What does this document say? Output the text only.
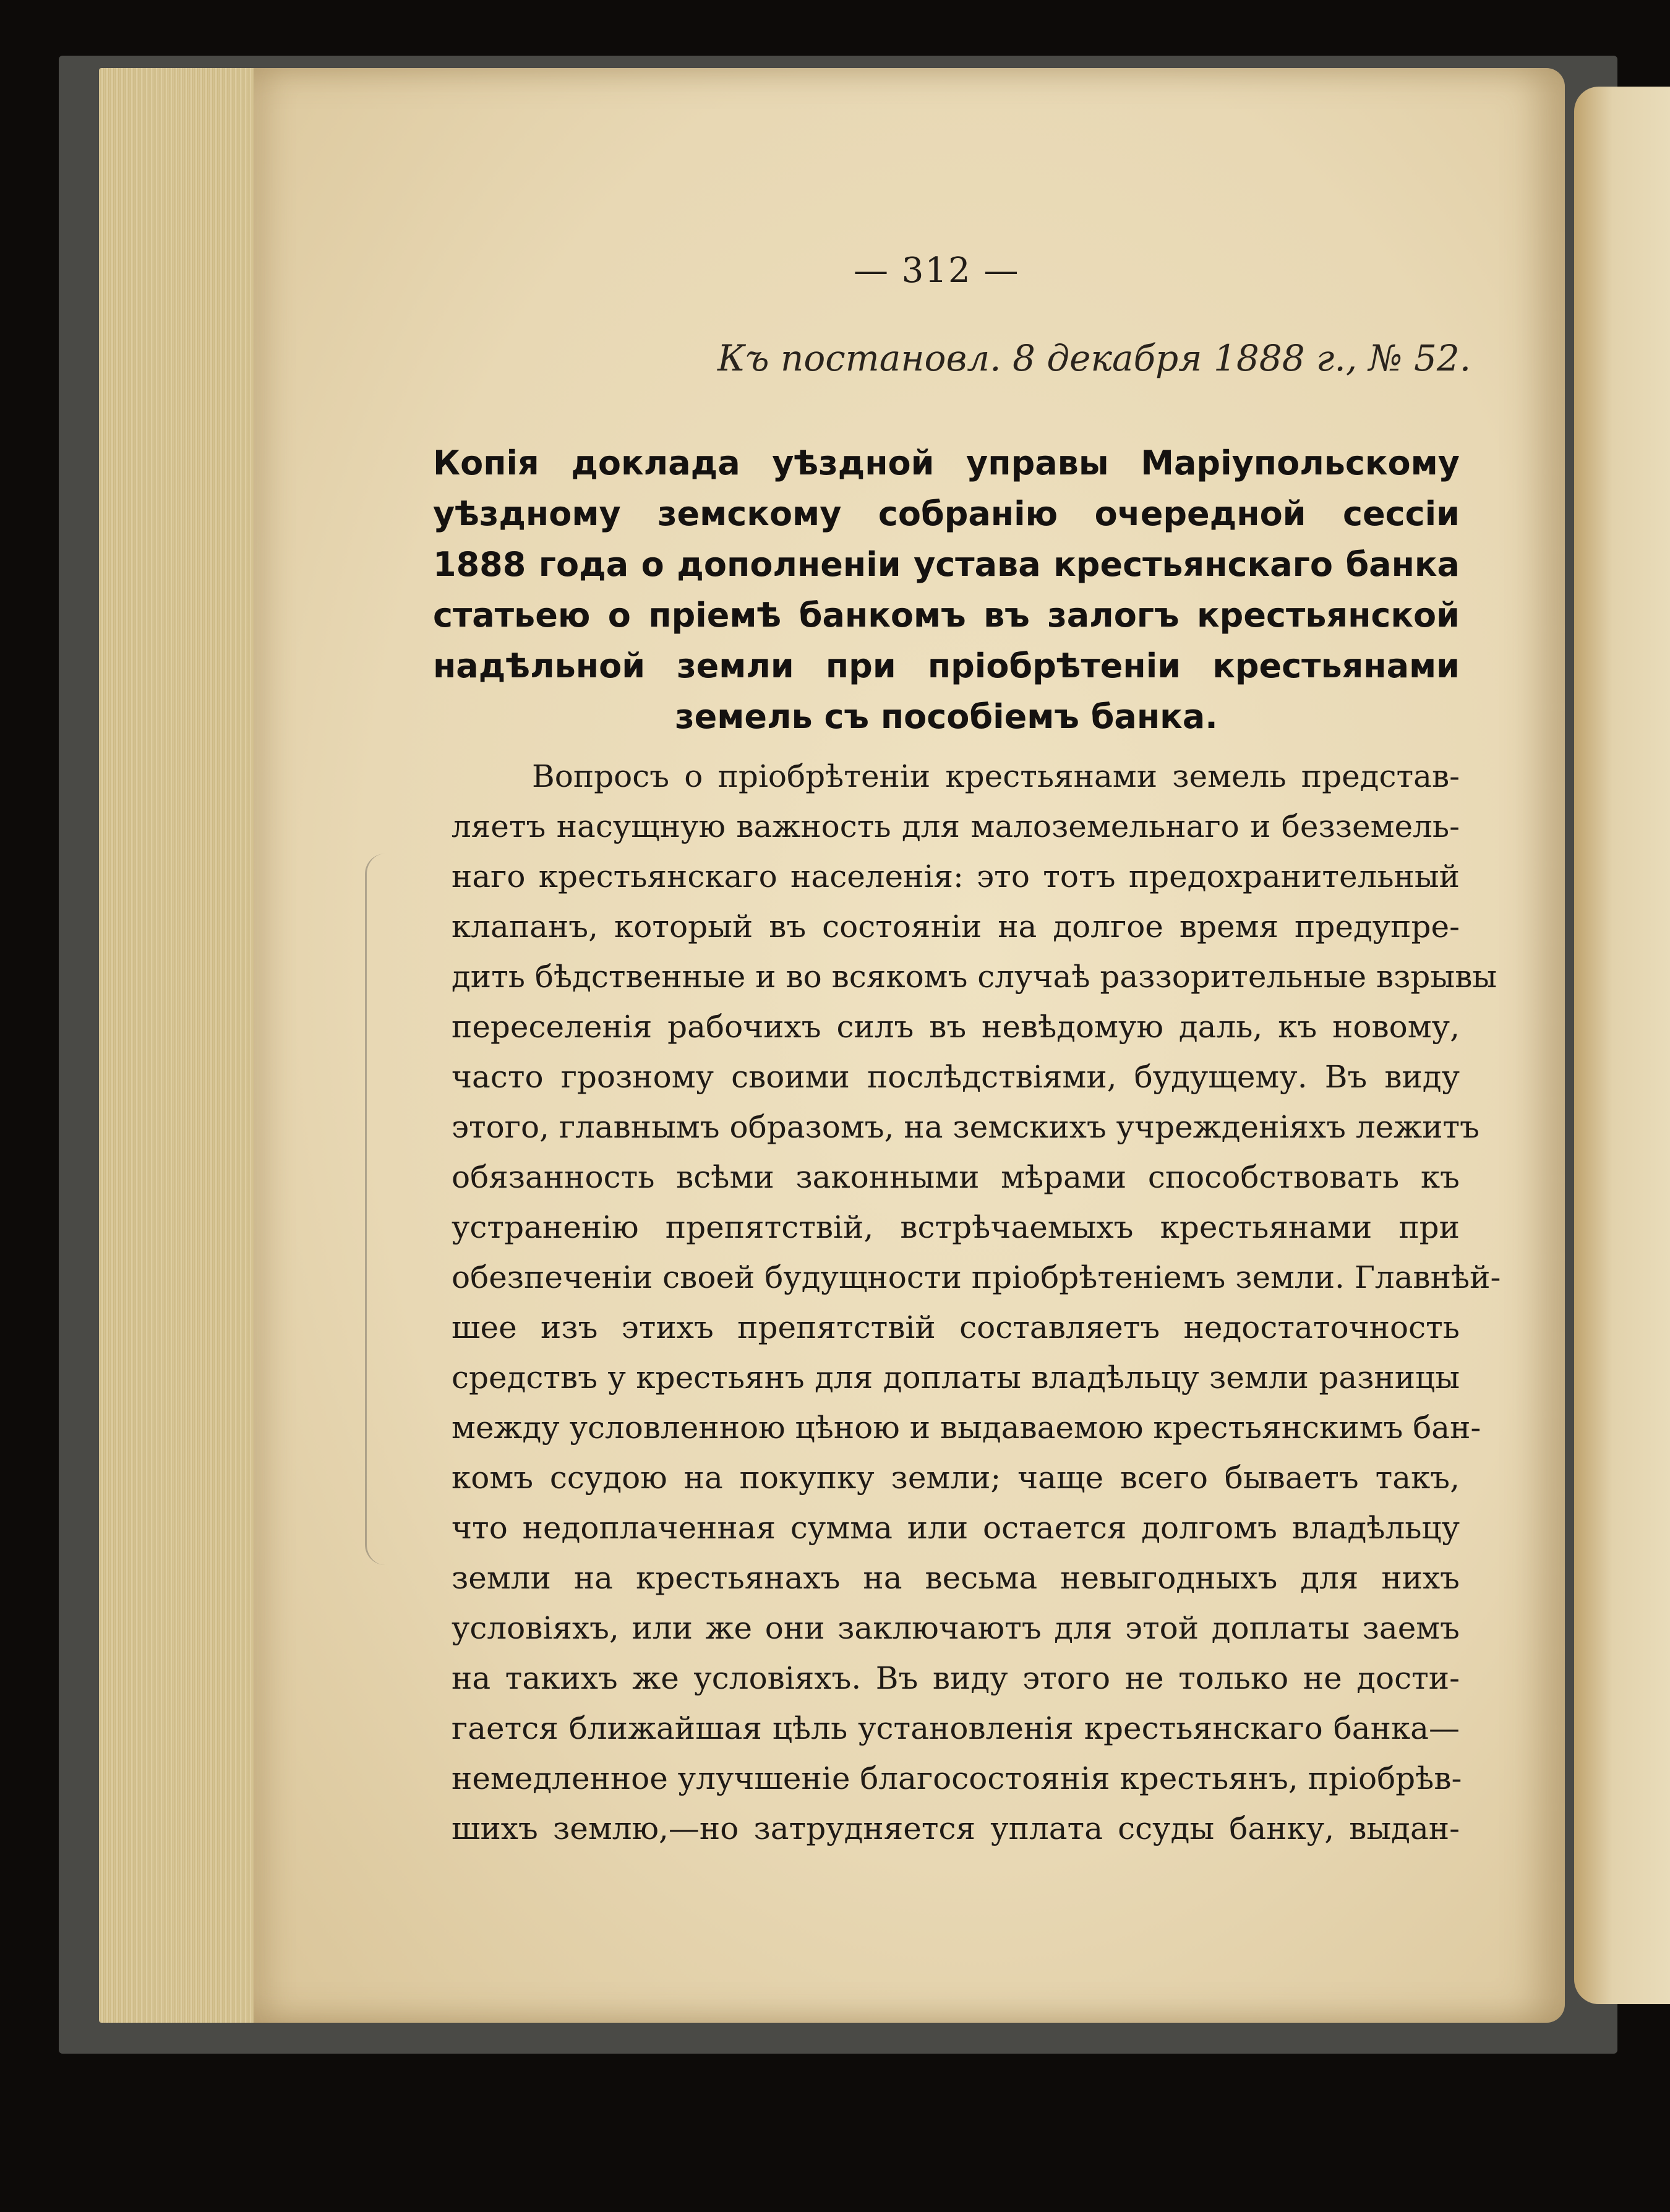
— 312 —
Къ постановл. 8 декабря 1888 г., № 52.
Копія доклада уѣздной управы Маріупольскому уѣздному земскому собранію очередной сессіи 1888 года о дополненіи устава крестьянскаго банка статьею о пріемѣ банкомъ въ залогъ крестьянской надѣльной земли при пріобрѣтеніи крестьянами земель съ пособіемъ банка.
Вопросъ о пріобрѣтеніи крестьянами земель представ-
ляетъ насущную важность для малоземельнаго и безземель-
наго крестьянскаго населенія: это тотъ предохранительный
клапанъ, который въ состояніи на долгое время предупре-
дить бѣдственные и во всякомъ случаѣ раззорительные взрывы
переселенія рабочихъ силъ въ невѣдомую даль, къ новому,
часто грозному своими послѣдствіями, будущему. Въ виду
этого, главнымъ образомъ, на земскихъ учрежденіяхъ лежитъ
обязанность всѣми законными мѣрами способствовать къ
устраненію препятствій, встрѣчаемыхъ крестьянами при
обезпеченіи своей будущности пріобрѣтеніемъ земли. Главнѣй-
шее изъ этихъ препятствій составляетъ недостаточность
средствъ у крестьянъ для доплаты владѣльцу земли разницы
между условленною цѣною и выдаваемою крестьянскимъ бан-
комъ ссудою на покупку земли; чаще всего бываетъ такъ,
что недоплаченная сумма или остается долгомъ владѣльцу
земли на крестьянахъ на весьма невыгодныхъ для нихъ
условіяхъ, или же они заключаютъ для этой доплаты заемъ
на такихъ же условіяхъ. Въ виду этого не только не дости-
гается ближайшая цѣль установленія крестьянскаго банка—
немедленное улучшеніе благосостоянія крестьянъ, пріобрѣв-
шихъ землю,—но затрудняется уплата ссуды банку, выдан-
